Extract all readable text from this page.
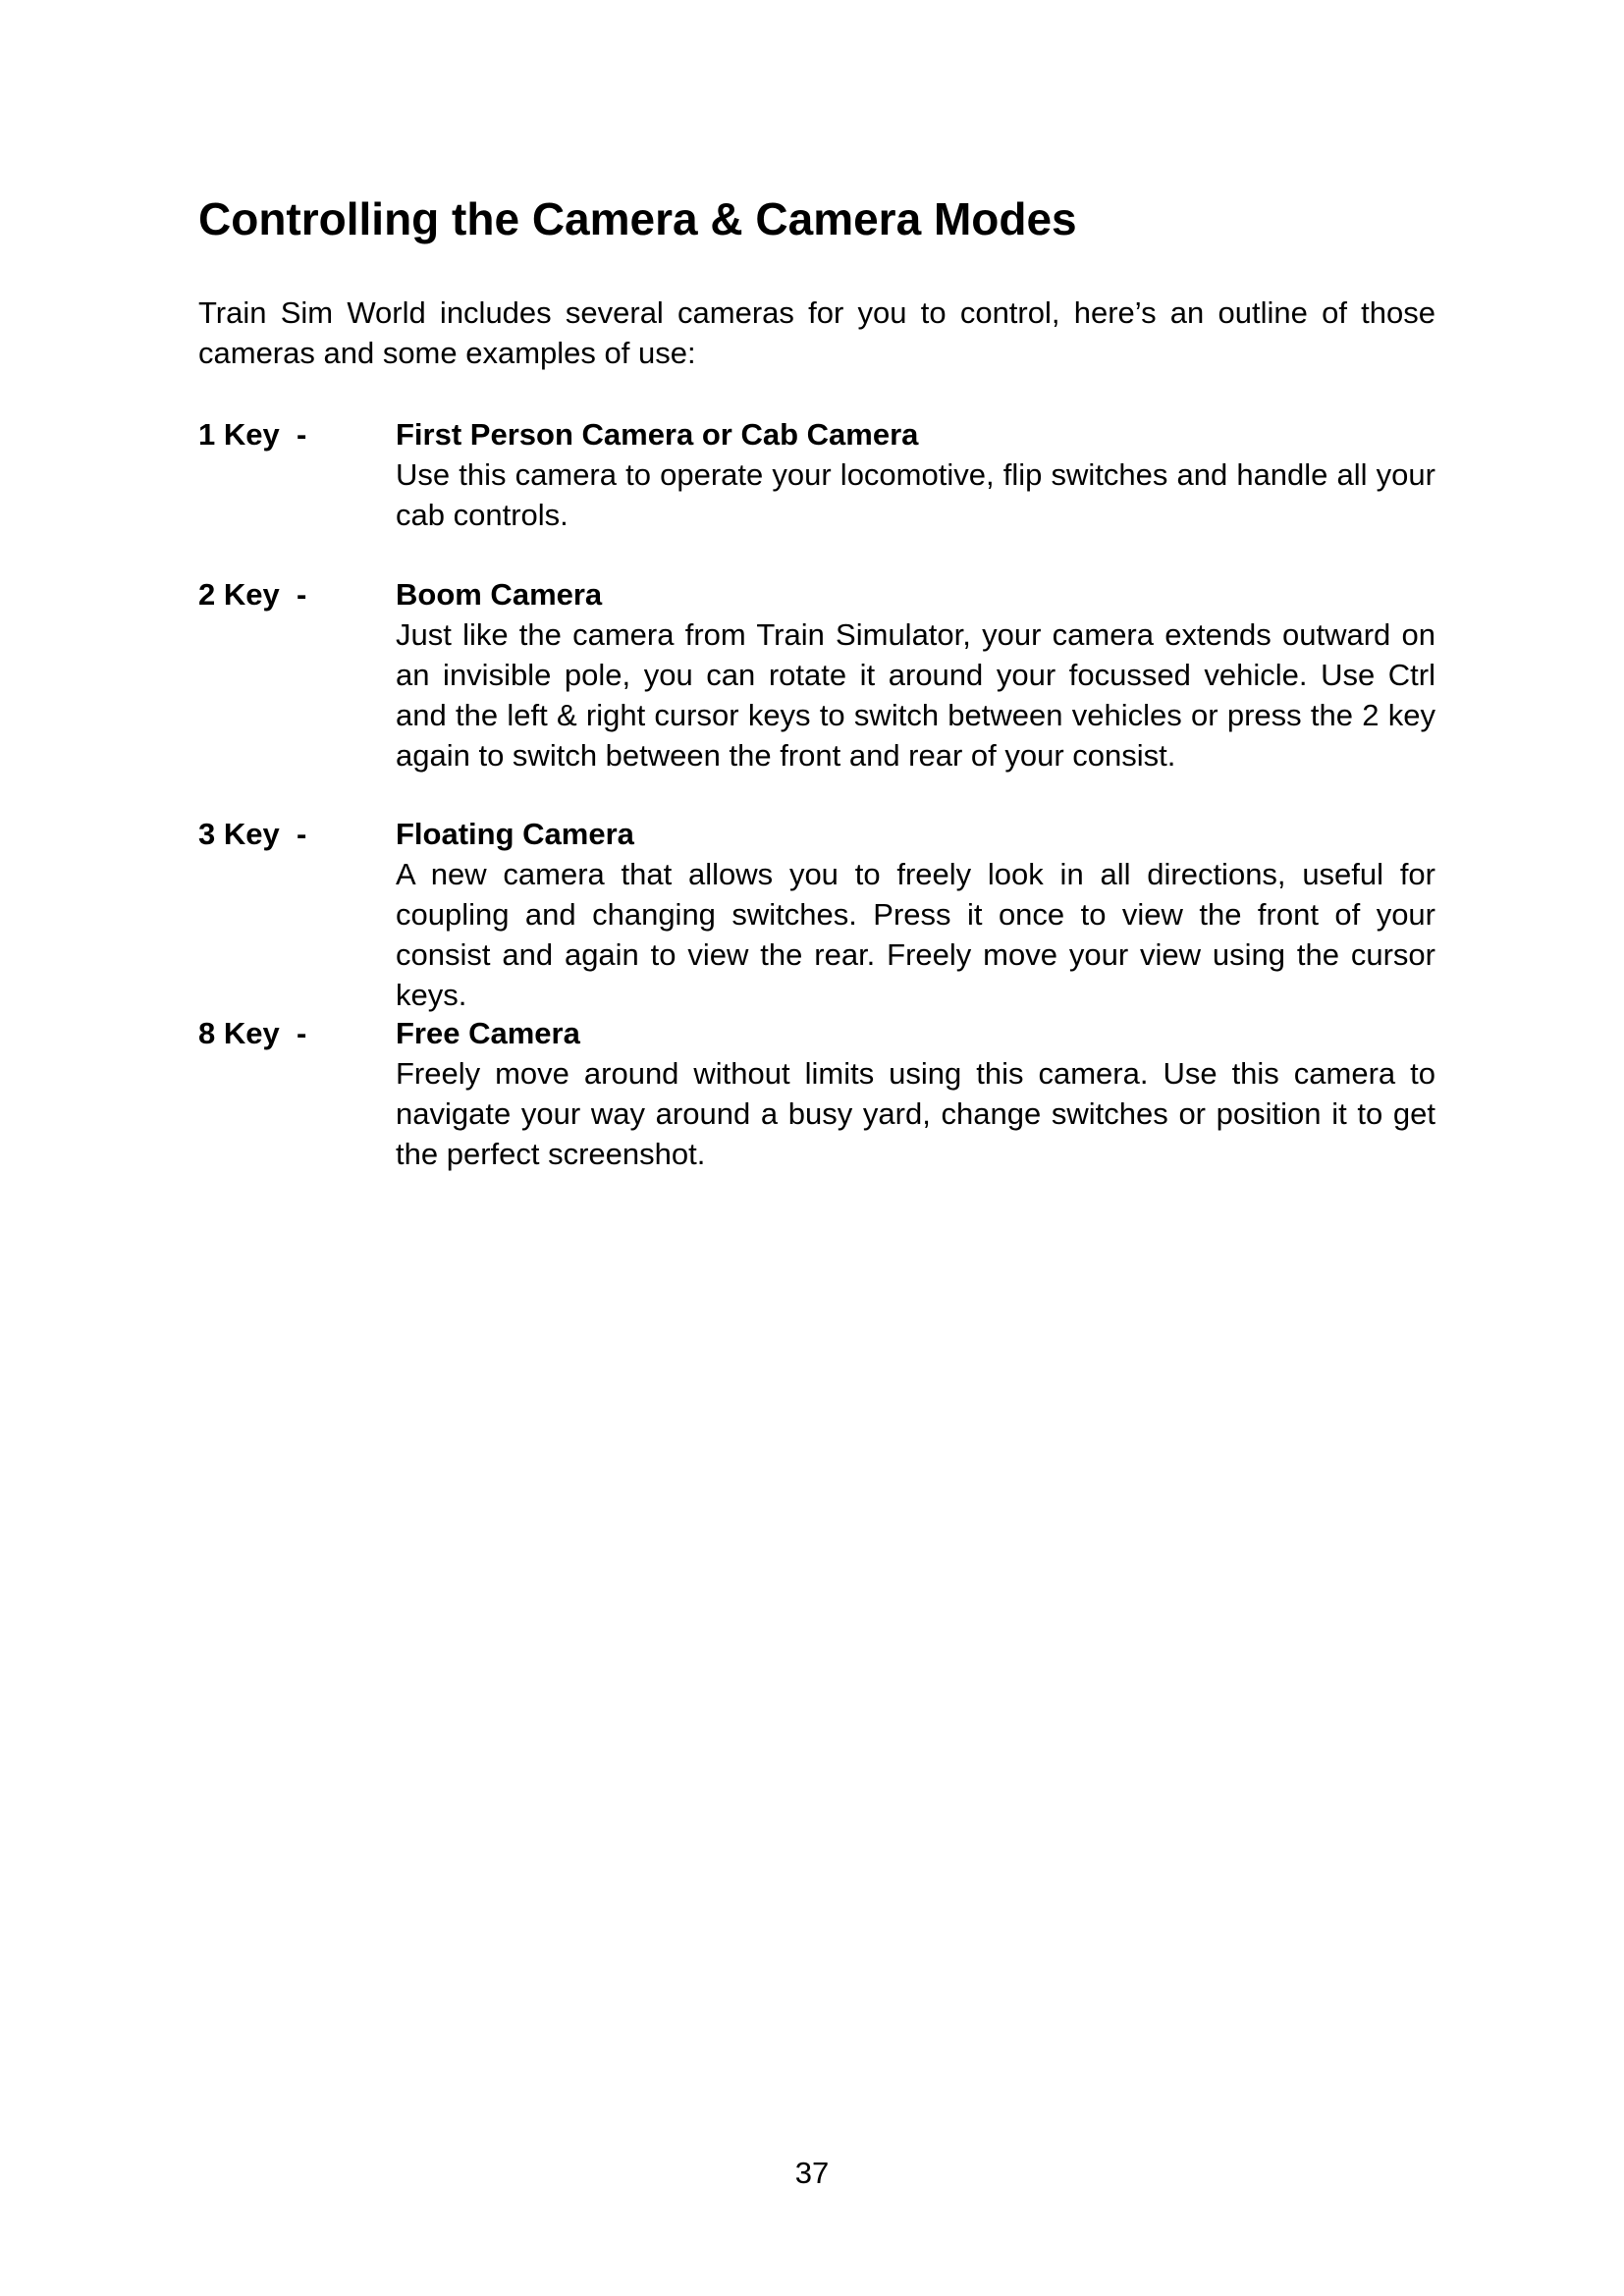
Controlling the Camera & Camera Modes

Train Sim World includes several cameras for you to control, here’s an outline of those cameras and some examples of use:

1 Key  -	First Person Camera or Cab Camera

Use this camera to operate your locomotive, flip switches and handle all your cab controls.

2 Key  -	Boom Camera

Just like the camera from Train Simulator, your camera extends outward on an invisible pole, you can rotate it around your focussed vehicle. Use Ctrl and the left & right cursor keys to switch between vehicles or press the 2 key again to switch between the front and rear of your consist.

3 Key  -	Floating Camera

A new camera that allows you to freely look in all directions, useful for coupling and changing switches. Press it once to view the front of your consist and again to view the rear. Freely move your view using the cursor keys.

8 Key  -	Free Camera

Freely move around without limits using this camera. Use this camera to navigate your way around a busy yard, change switches or position it to get the perfect screenshot.

37
